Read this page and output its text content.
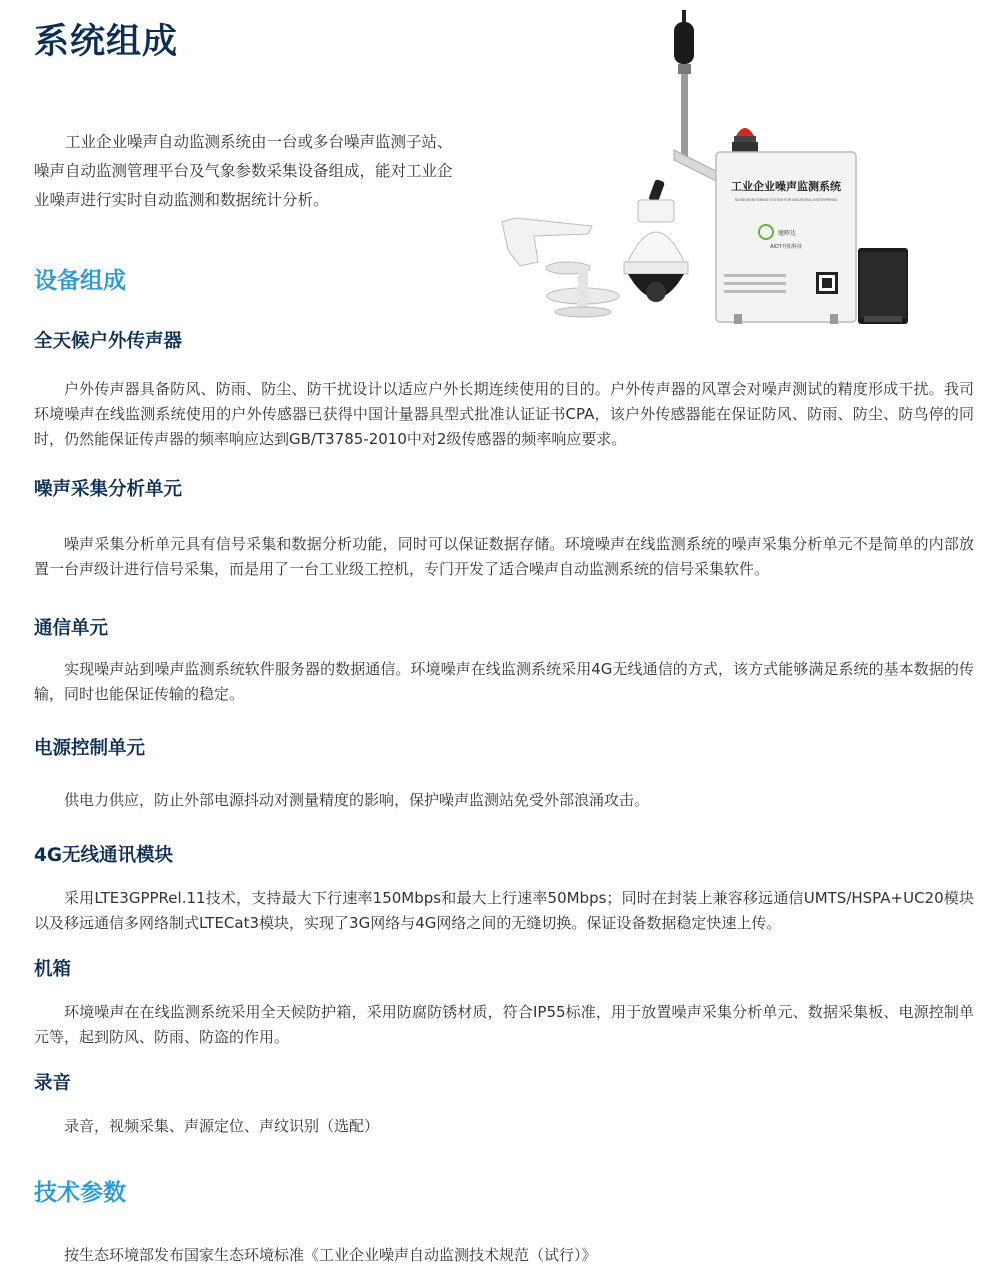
系统组成

工业企业噪声自动监测系统由一台或多台噪声监测子站、噪声自动监测管理平台及气象参数采集设备组成，能对工业企业噪声进行实时自动监测和数据统计分析。

工业企业噪声监测系统
NOISE MONITORING SYSTEM FOR INDUSTRIAL ENTERPRISES
驰晖达
AIOT开拓科技
设备组成
全天候户外传声器

户外传声器具备防风、防雨、防尘、防干扰设计以适应户外长期连续使用的目的。户外传声器的风罩会对噪声测试的精度形成干扰。我司环境噪声在线监测系统使用的户外传感器已获得中国计量器具型式批准认证证书CPA，该户外传感器能在保证防风、防雨、防尘、防鸟停的同时，仍然能保证传声器的频率响应达到GB/T3785-2010中对2级传感器的频率响应要求。

噪声采集分析单元

噪声采集分析单元具有信号采集和数据分析功能，同时可以保证数据存储。环境噪声在线监测系统的噪声采集分析单元不是简单的内部放置一台声级计进行信号采集，而是用了一台工业级工控机，专门开发了适合噪声自动监测系统的信号采集软件。

通信单元

实现噪声站到噪声监测系统软件服务器的数据通信。环境噪声在线监测系统采用4G无线通信的方式，该方式能够满足系统的基本数据的传输，同时也能保证传输的稳定。

电源控制单元

供电力供应，防止外部电源抖动对测量精度的影响，保护噪声监测站免受外部浪涌攻击。

4G无线通讯模块

采用LTE3GPPRel.11技术，支持最大下行速率150Mbps和最大上行速率50Mbps；同时在封装上兼容移远通信UMTS/HSPA+UC20模块以及移远通信多网络制式LTECat3模块，实现了3G网络与4G网络之间的无缝切换。保证设备数据稳定快速上传。

机箱

环境噪声在在线监测系统采用全天候防护箱，采用防腐防锈材质，符合IP55标准，用于放置噪声采集分析单元、数据采集板、电源控制单元等，起到防风、防雨、防盗的作用。

录音

录音，视频采集、声源定位、声纹识别（选配）

技术参数

按生态环境部发布国家生态环境标准《工业企业噪声自动监测技术规范（试行）》
